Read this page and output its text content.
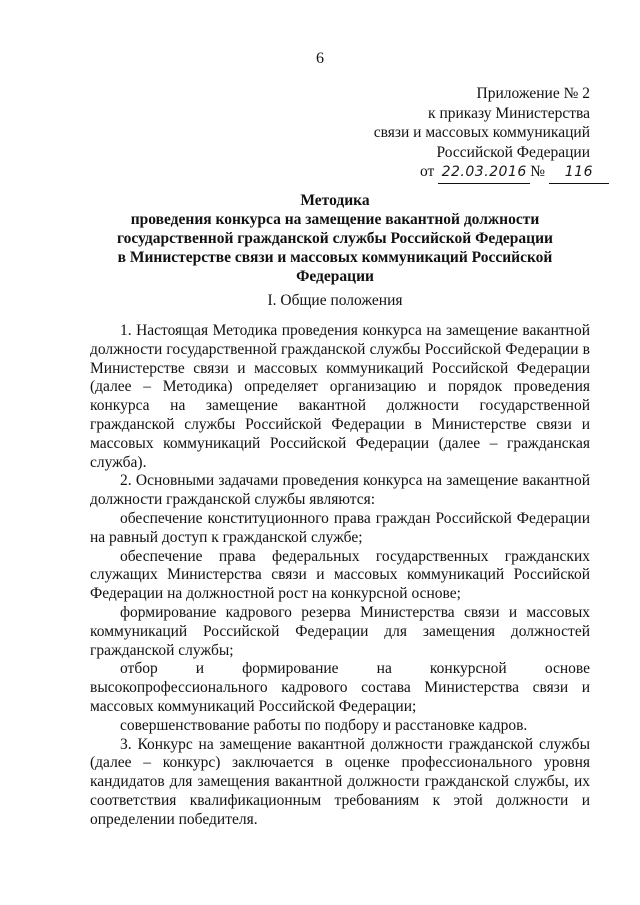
6
Приложение № 2
к приказу Министерства
связи и массовых коммуникаций
Российской Федерации
от 22.03.2016 № 116
Методика
проведения конкурса на замещение вакантной должности
государственной гражданской службы Российской Федерации
в Министерстве связи и массовых коммуникаций Российской
Федерации
I. Общие положения

1. Настоящая Методика проведения конкурса на замещение вакантной должности государственной гражданской службы Российской Федерации в Министерстве связи и массовых коммуникаций Российской Федерации (далее – Методика) определяет организацию и порядок проведения конкурса на замещение вакантной должности государственной гражданской службы Российской Федерации в Министерстве связи и массовых коммуникаций Российской Федерации (далее – гражданская служба).

2. Основными задачами проведения конкурса на замещение вакантной должности гражданской службы являются:

обеспечение конституционного права граждан Российской Федерации на равный доступ к гражданской службе;

обеспечение права федеральных государственных гражданских служащих Министерства связи и массовых коммуникаций Российской Федерации на должностной рост на конкурсной основе;

формирование кадрового резерва Министерства связи и массовых коммуникаций Российской Федерации для замещения должностей гражданской службы;

отбор и формирование на конкурсной основе высокопрофессионального кадрового состава Министерства связи и массовых коммуникаций Российской Федерации;

совершенствование работы по подбору и расстановке кадров.

3. Конкурс на замещение вакантной должности гражданской службы (далее – конкурс) заключается в оценке профессионального уровня кандидатов для замещения вакантной должности гражданской службы, их соответствия квалификационным требованиям к этой должности и определении победителя.
